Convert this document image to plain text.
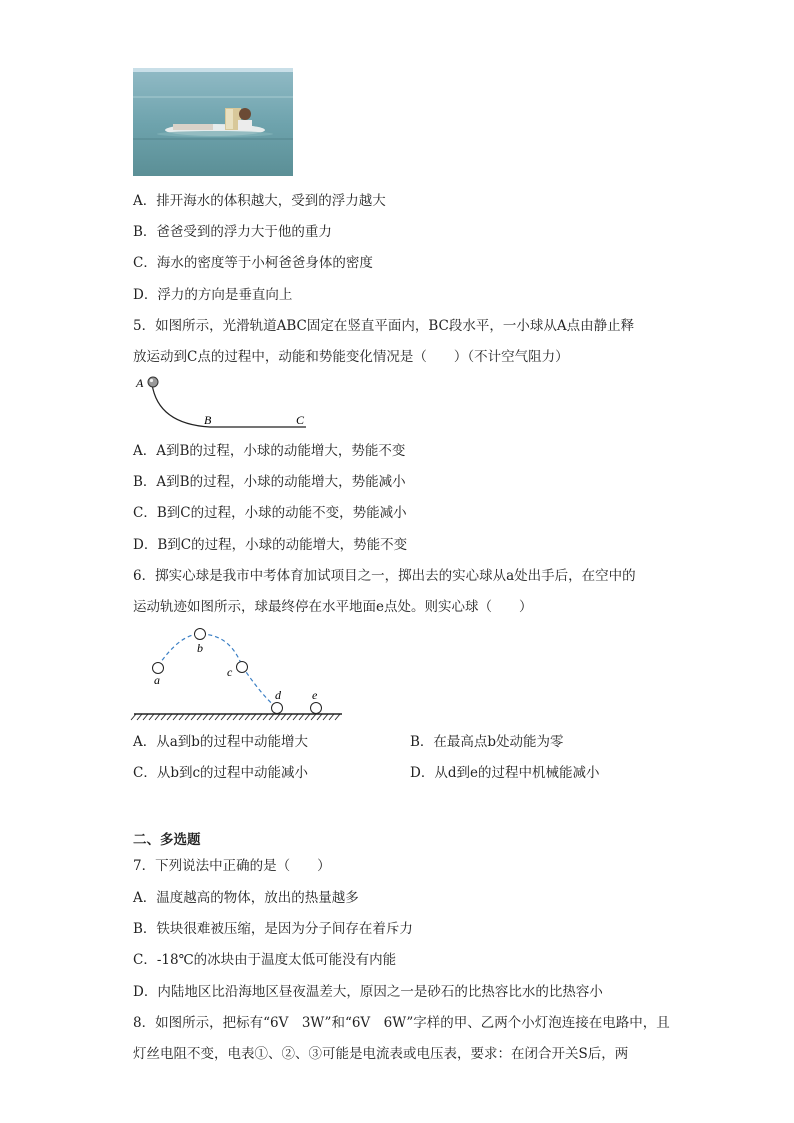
A．排开海水的体积越大，受到的浮力越大
B．爸爸受到的浮力大于他的重力
C．海水的密度等于小柯爸爸身体的密度
D．浮力的方向是垂直向上
5．如图所示，光滑轨道ABC固定在竖直平面内，BC段水平，一小球从A点由静止释
放运动到C点的过程中，动能和势能变化情况是（　　）（不计空气阻力）
A
B	C
A．A到B的过程，小球的动能增大，势能不变
B．A到B的过程，小球的动能增大，势能减小
C．B到C的过程，小球的动能不变，势能减小
D．B到C的过程，小球的动能增大，势能不变
6．掷实心球是我市中考体育加试项目之一，掷出去的实心球从a处出手后，在空中的
运动轨迹如图所示，球最终停在水平地面e点处。则实心球（　　）
a
b
c
d	e
A．从a到b的过程中动能增大	B．在最高点b处动能为零
C．从b到c的过程中动能减小	D．从d到e的过程中机械能减小
二、多选题
7．下列说法中正确的是（　　）
A．温度越高的物体，放出的热量越多
B．铁块很难被压缩，是因为分子间存在着斥力
C．-18℃的冰块由于温度太低可能没有内能
D．内陆地区比沿海地区昼夜温差大，原因之一是砂石的比热容比水的比热容小
8．如图所示，把标有“6V　3W”和“6V　6W”字样的甲、乙两个小灯泡连接在电路中，且
灯丝电阻不变，电表①、②、③可能是电流表或电压表，要求：在闭合开关S后，两
